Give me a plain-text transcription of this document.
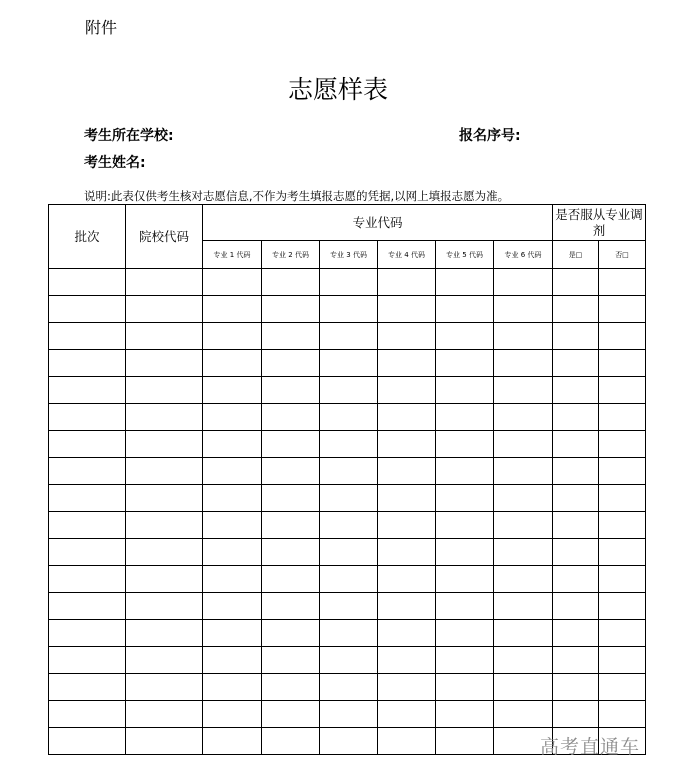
附件
志愿样表
考生所在学校:	报名序号:
考生姓名:
说明:此表仅供考生核对志愿信息,不作为考生填报志愿的凭据,以网上填报志愿为准。
批次	院校代码	专业代码						是否服从专业调剂	
		专业 1 代码	专业 2 代码	专业 3 代码	专业 4 代码	专业 5 代码	专业 6 代码	是□	否□

高考直通车
